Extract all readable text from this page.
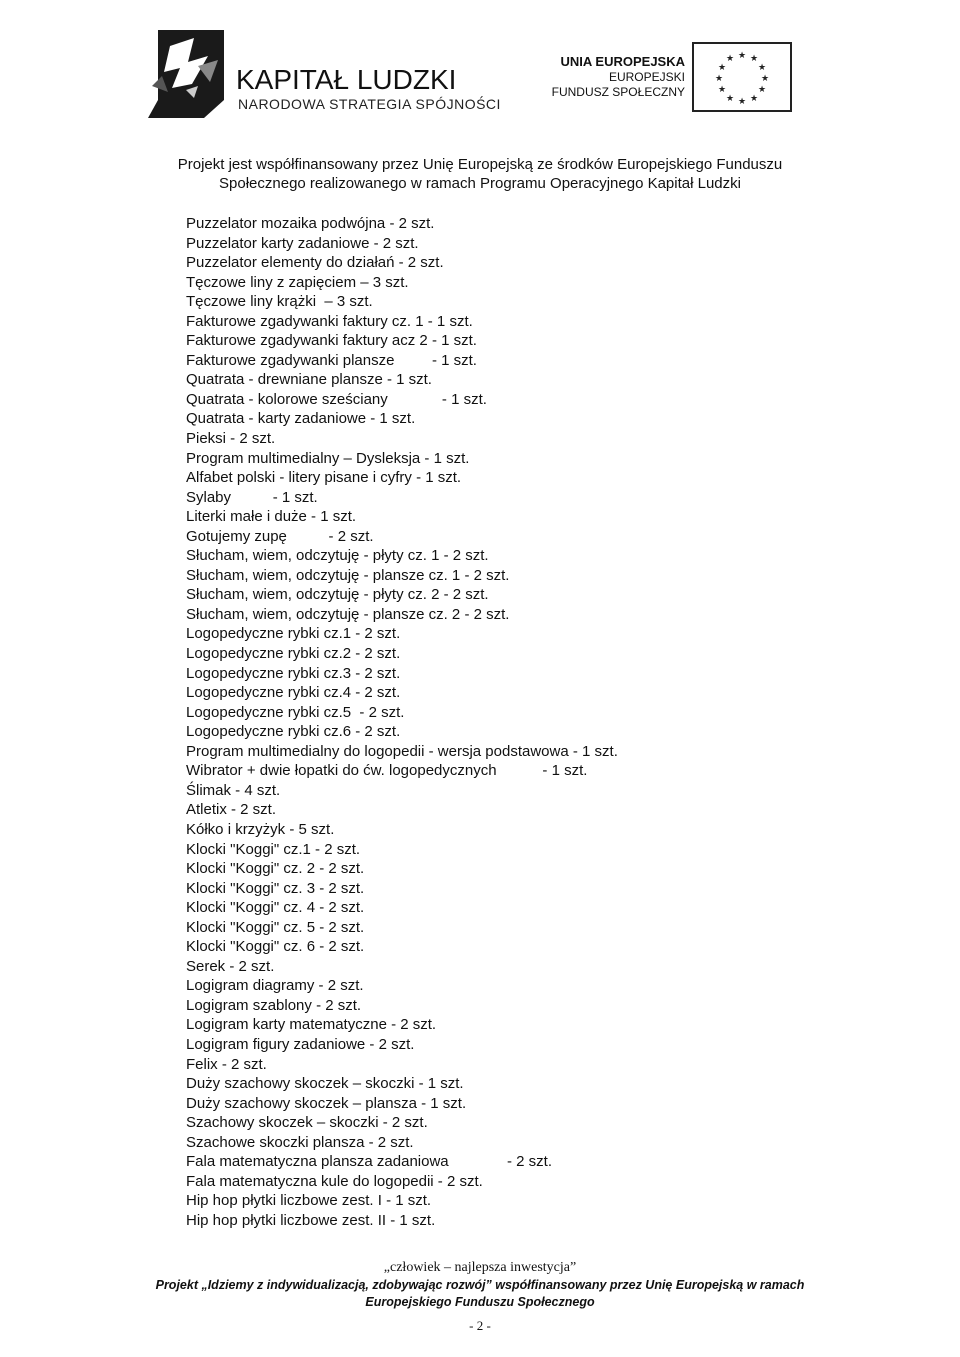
KAPITAŁ LUDZKI
NARODOWA STRATEGIA SPÓJNOŚCI
UNIA EUROPEJSKA
EUROPEJSKI
FUNDUSZ SPOŁECZNY
★ ★
★
★
★
★
★
★
★
★
★
★
Projekt jest współfinansowany przez Unię Europejską ze środków Europejskiego Funduszu
Społecznego realizowanego w ramach Programu Operacyjnego Kapitał Ludzki
Puzzelator mozaika podwójna - 2 szt.
Puzzelator karty zadaniowe - 2 szt.
Puzzelator elementy do działań - 2 szt.
Tęczowe liny z zapięciem – 3 szt.
Tęczowe liny krążki  – 3 szt.
Fakturowe zgadywanki faktury cz. 1 - 1 szt.
Fakturowe zgadywanki faktury acz 2 - 1 szt.
Fakturowe zgadywanki plansze         - 1 szt.
Quatrata - drewniane plansze - 1 szt.
Quatrata - kolorowe sześciany             - 1 szt.
Quatrata - karty zadaniowe - 1 szt.
Pieksi - 2 szt.
Program multimedialny – Dysleksja - 1 szt.
Alfabet polski - litery pisane i cyfry - 1 szt.
Sylaby          - 1 szt.
Literki małe i duże - 1 szt.
Gotujemy zupę          - 2 szt.
Słucham, wiem, odczytuję - płyty cz. 1 - 2 szt.
Słucham, wiem, odczytuję - plansze cz. 1 - 2 szt.
Słucham, wiem, odczytuję - płyty cz. 2 - 2 szt.
Słucham, wiem, odczytuję - plansze cz. 2 - 2 szt.
Logopedyczne rybki cz.1 - 2 szt.
Logopedyczne rybki cz.2 - 2 szt.
Logopedyczne rybki cz.3 - 2 szt.
Logopedyczne rybki cz.4 - 2 szt.
Logopedyczne rybki cz.5  - 2 szt.
Logopedyczne rybki cz.6 - 2 szt.
Program multimedialny do logopedii - wersja podstawowa - 1 szt.
Wibrator + dwie łopatki do ćw. logopedycznych           - 1 szt.
Ślimak - 4 szt.
Atletix - 2 szt.
Kółko i krzyżyk - 5 szt.
Klocki "Koggi" cz.1 - 2 szt.
Klocki "Koggi" cz. 2 - 2 szt.
Klocki "Koggi" cz. 3 - 2 szt.
Klocki "Koggi" cz. 4 - 2 szt.
Klocki "Koggi" cz. 5 - 2 szt.
Klocki "Koggi" cz. 6 - 2 szt.
Serek - 2 szt.
Logigram diagramy - 2 szt.
Logigram szablony - 2 szt.
Logigram karty matematyczne - 2 szt.
Logigram figury zadaniowe - 2 szt.
Felix - 2 szt.
Duży szachowy skoczek – skoczki - 1 szt.
Duży szachowy skoczek – plansza - 1 szt.
Szachowy skoczek – skoczki - 2 szt.
Szachowe skoczki plansza - 2 szt.
Fala matematyczna plansza zadaniowa              - 2 szt.
Fala matematyczna kule do logopedii - 2 szt.
Hip hop płytki liczbowe zest. I - 1 szt.
Hip hop płytki liczbowe zest. II - 1 szt.
„człowiek – najlepsza inwestycja”
Projekt „Idziemy z indywidualizacją, zdobywając rozwój” współfinansowany przez Unię Europejską w ramach
Europejskiego Funduszu Społecznego
- 2 -
